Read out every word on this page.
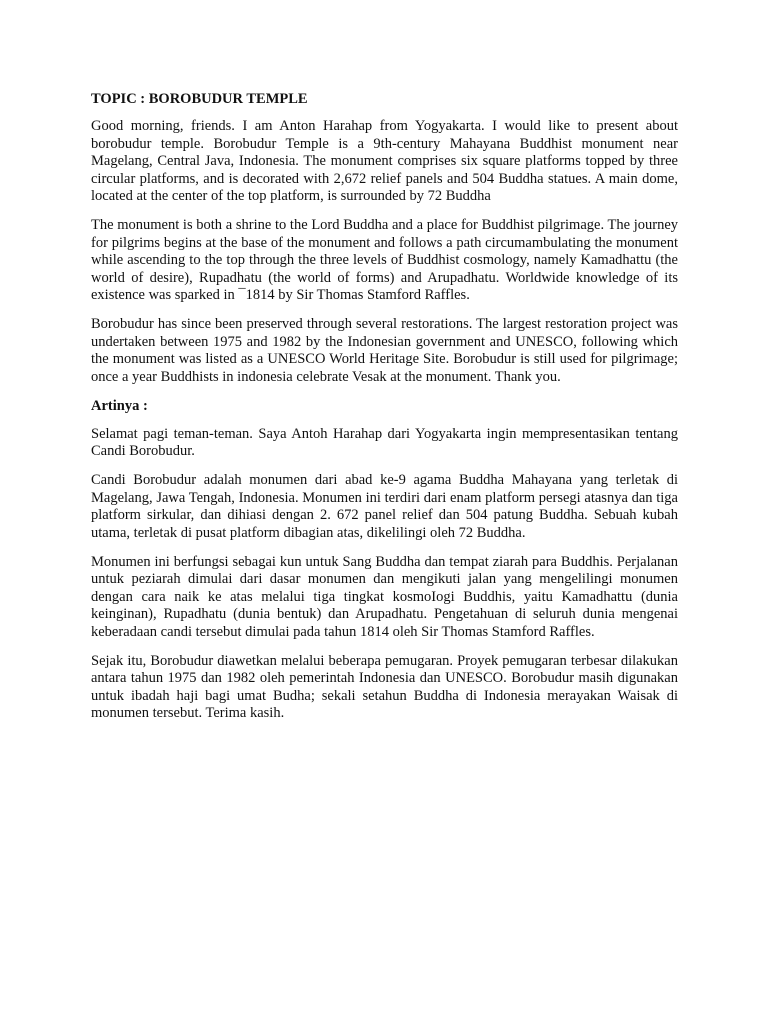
TOPIC : BOROBUDUR TEMPLE

Good morning, friends. I am Anton Harahap from Yogyakarta. I would like to present about borobudur temple. Borobudur Temple is a 9th-century Mahayana Buddhist monument near Magelang, Central Java, Indonesia. The monument comprises six square platforms topped by three circular platforms, and is decorated with 2,672 relief panels and 504 Buddha statues. A main dome, located at the center of the top platform, is surrounded by 72 Buddha

The monument is both a shrine to the Lord Buddha and a place for Buddhist pilgrimage. The journey for pilgrims begins at the base of the monument and follows a path circumambulating the monument while ascending to the top through the three levels of Buddhist cosmology, namely Kamadhattu (the world of desire), Rupadhatu (the world of forms) and Arupadhatu. Worldwide knowledge of its existence was sparked in ¯1814 by Sir Thomas Stamford Raffles.

Borobudur has since been preserved through several restorations. The largest restoration project was undertaken between 1975 and 1982 by the Indonesian government and UNESCO, following which the monument was listed as a UNESCO World Heritage Site. Borobudur is still used for pilgrimage; once a year Buddhists in indonesia celebrate Vesak at the monument. Thank you.

Artinya :

Selamat pagi teman-teman. Saya Antoh Harahap dari Yogyakarta ingin mempresentasikan tentang Candi Borobudur.

Candi Borobudur adalah monumen dari abad ke-9 agama Buddha Mahayana yang terletak di Magelang, Jawa Tengah, Indonesia. Monumen ini terdiri dari enam platform persegi atasnya dan tiga platform sirkular, dan dihiasi dengan 2. 672 panel relief dan 504 patung Buddha. Sebuah kubah utama, terletak di pusat platform dibagian atas, dikelilingi oleh 72 Buddha.

Monumen ini berfungsi sebagai kun untuk Sang Buddha dan tempat ziarah para Buddhis. Perjalanan untuk peziarah dimulai dari dasar monumen dan mengikuti jalan yang mengelilingi monumen dengan cara naik ke atas melalui tiga tingkat kosmoIogi Buddhis, yaitu Kamadhattu (dunia keinginan), Rupadhatu (dunia bentuk) dan Arupadhatu. Pengetahuan di seluruh dunia mengenai keberadaan candi tersebut dimulai pada tahun 1814 oleh Sir Thomas Stamford Raffles.

Sejak itu, Borobudur diawetkan melalui beberapa pemugaran. Proyek pemugaran terbesar dilakukan antara tahun 1975 dan 1982 oleh pemerintah Indonesia dan UNESCO. Borobudur masih digunakan untuk ibadah haji bagi umat Budha; sekali setahun Buddha di Indonesia merayakan Waisak di monumen tersebut. Terima kasih.
